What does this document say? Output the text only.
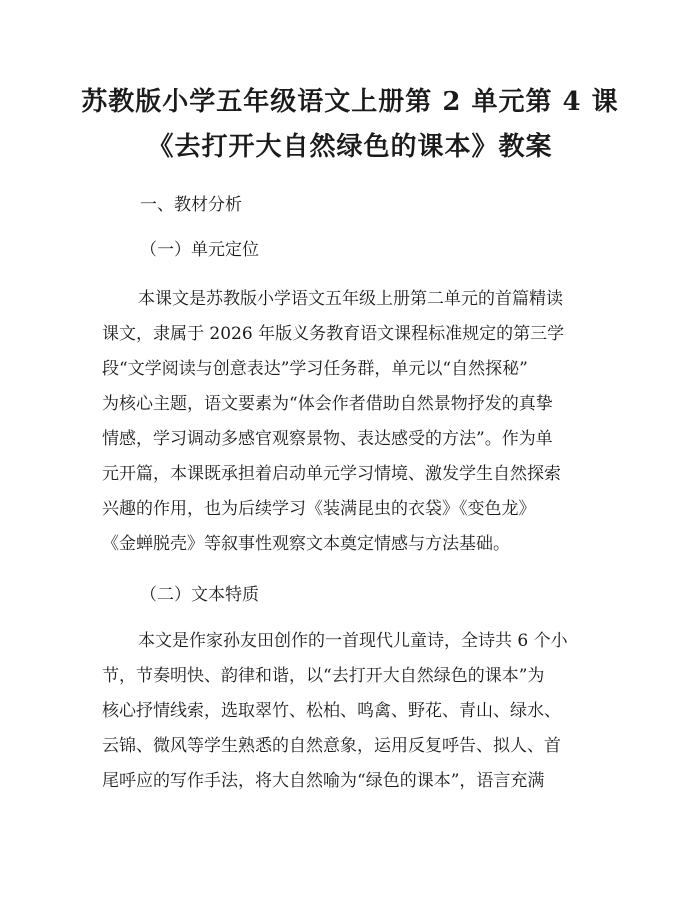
苏教版小学五年级语文上册第 2 单元第 4 课
《去打开大自然绿色的课本》教案
一、教材分析
（一）单元定位
本课文是苏教版小学语文五年级上册第二单元的首篇精读
课文，隶属于 2026 年版义务教育语文课程标准规定的第三学
段“文学阅读与创意表达”学习任务群，单元以“自然探秘”
为核心主题，语文要素为“体会作者借助自然景物抒发的真挚
情感，学习调动多感官观察景物、表达感受的方法”。作为单
元开篇，本课既承担着启动单元学习情境、激发学生自然探索
兴趣的作用，也为后续学习《装满昆虫的衣袋》《变色龙》
《金蝉脱壳》等叙事性观察文本奠定情感与方法基础。
（二）文本特质
本文是作家孙友田创作的一首现代儿童诗，全诗共 6 个小
节，节奏明快、韵律和谐，以“去打开大自然绿色的课本”为
核心抒情线索，选取翠竹、松柏、鸣禽、野花、青山、绿水、
云锦、微风等学生熟悉的自然意象，运用反复呼告、拟人、首
尾呼应的写作手法，将大自然喻为“绿色的课本”，语言充满
